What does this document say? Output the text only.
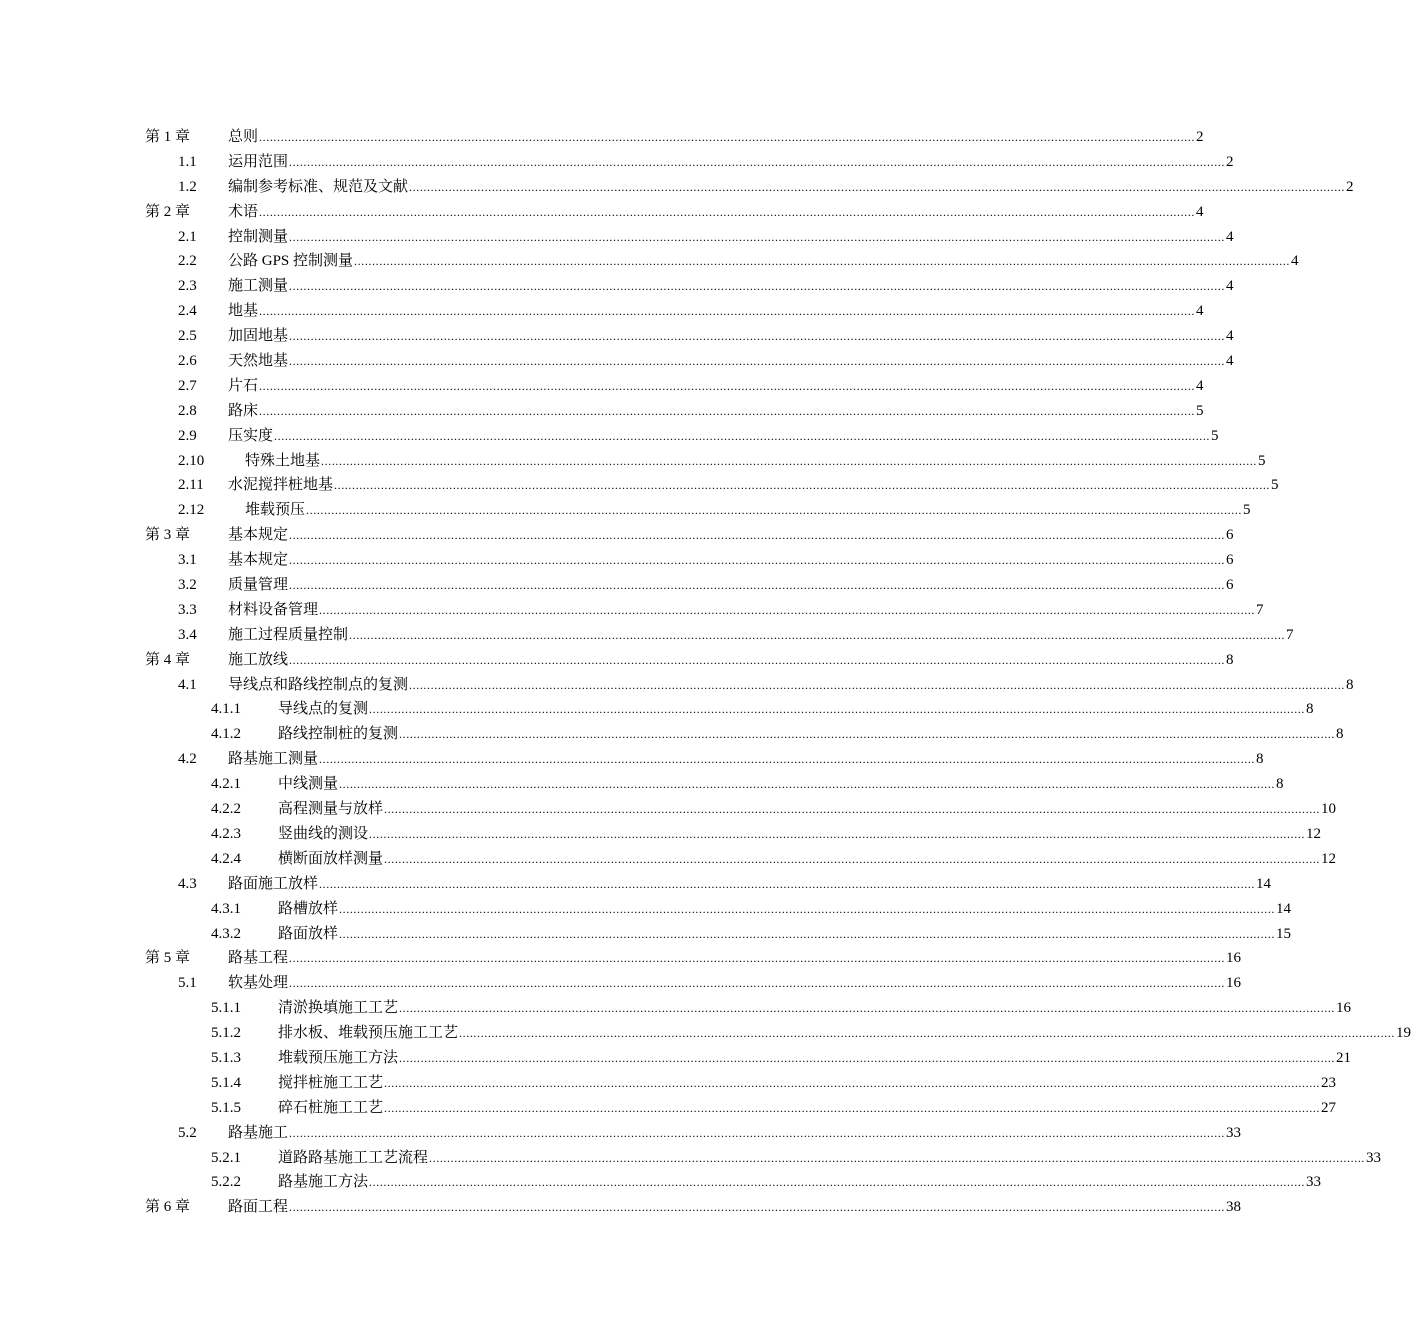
第 1 章	总则 .................................................................................................................................................................................................................................................................... 2
1.1 运用范围 .................................................................................................................................................................................................................................................................... 2
1.2 编制参考标准、规范及文献 .................................................................................................................................................................................................................................................................... 2
第 2 章	术语 .................................................................................................................................................................................................................................................................... 4
2.1 控制测量 .................................................................................................................................................................................................................................................................... 4
2.2 公路 GPS 控制测量 .................................................................................................................................................................................................................................................................... 4
2.3 施工测量 .................................................................................................................................................................................................................................................................... 4
2.4 地基 .................................................................................................................................................................................................................................................................... 4
2.5 加固地基 .................................................................................................................................................................................................................................................................... 4
2.6 天然地基 .................................................................................................................................................................................................................................................................... 4
2.7 片石 .................................................................................................................................................................................................................................................................... 4
2.8 路床 .................................................................................................................................................................................................................................................................... 5
2.9 压实度 .................................................................................................................................................................................................................................................................... 5
2.10	特殊土地基 .................................................................................................................................................................................................................................................................... 5
2.11 水泥搅拌桩地基 .................................................................................................................................................................................................................................................................... 5
2.12	堆载预压 .................................................................................................................................................................................................................................................................... 5
第 3 章	基本规定 .................................................................................................................................................................................................................................................................... 6
3.1 基本规定 .................................................................................................................................................................................................................................................................... 6
3.2 质量管理 .................................................................................................................................................................................................................................................................... 6
3.3 材料设备管理 .................................................................................................................................................................................................................................................................... 7
3.4 施工过程质量控制 .................................................................................................................................................................................................................................................................... 7
第 4 章	施工放线 .................................................................................................................................................................................................................................................................... 8
4.1 导线点和路线控制点的复测 .................................................................................................................................................................................................................................................................... 8
4.1.1 导线点的复测 .................................................................................................................................................................................................................................................................... 8
4.1.2 路线控制桩的复测 .................................................................................................................................................................................................................................................................... 8
4.2 路基施工测量 .................................................................................................................................................................................................................................................................... 8
4.2.1 中线测量 .................................................................................................................................................................................................................................................................... 8
4.2.2 高程测量与放样 .................................................................................................................................................................................................................................................................... 10
4.2.3 竖曲线的测设 .................................................................................................................................................................................................................................................................... 12
4.2.4 横断面放样测量 .................................................................................................................................................................................................................................................................... 12
4.3 路面施工放样 .................................................................................................................................................................................................................................................................... 14
4.3.1 路槽放样 .................................................................................................................................................................................................................................................................... 14
4.3.2 路面放样 .................................................................................................................................................................................................................................................................... 15
第 5 章	路基工程 .................................................................................................................................................................................................................................................................... 16
5.1 软基处理 .................................................................................................................................................................................................................................................................... 16
5.1.1 清淤换填施工工艺 .................................................................................................................................................................................................................................................................... 16
5.1.2 排水板、堆载预压施工工艺 .................................................................................................................................................................................................................................................................... 19
5.1.3 堆载预压施工方法 .................................................................................................................................................................................................................................................................... 21
5.1.4 搅拌桩施工工艺 .................................................................................................................................................................................................................................................................... 23
5.1.5 碎石桩施工工艺 .................................................................................................................................................................................................................................................................... 27
5.2 路基施工 .................................................................................................................................................................................................................................................................... 33
5.2.1 道路路基施工工艺流程 .................................................................................................................................................................................................................................................................... 33
5.2.2 路基施工方法 .................................................................................................................................................................................................................................................................... 33
第 6 章	路面工程 .................................................................................................................................................................................................................................................................... 38
